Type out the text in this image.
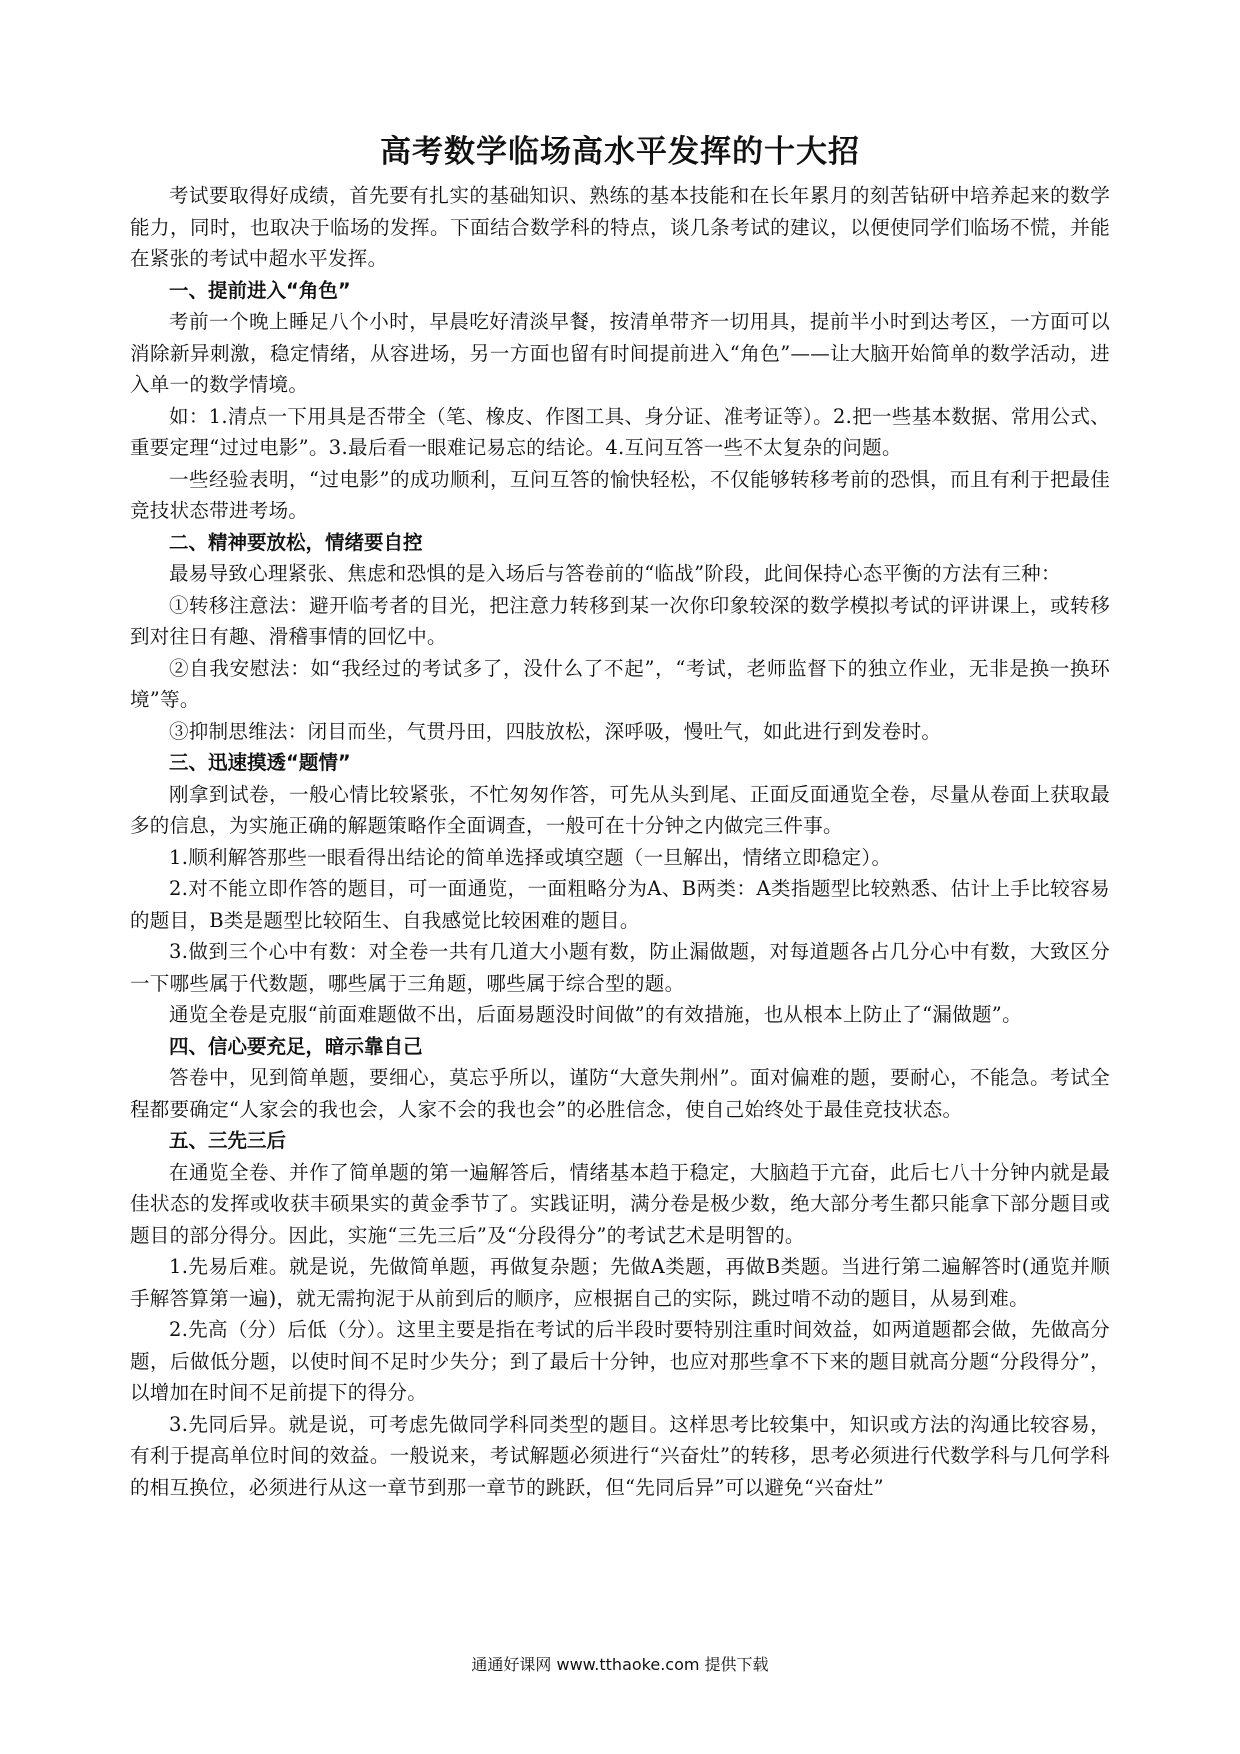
高考数学临场高水平发挥的十大招

考试要取得好成绩，首先要有扎实的基础知识、熟练的基本技能和在长年累月的刻苦钻研中培养起来的数学能力，同时，也取决于临场的发挥。下面结合数学科的特点，谈几条考试的建议，以便使同学们临场不慌，并能在紧张的考试中超水平发挥。

一、提前进入“角色”

考前一个晚上睡足八个小时，早晨吃好清淡早餐，按清单带齐一切用具，提前半小时到达考区，一方面可以消除新异刺激，稳定情绪，从容进场，另一方面也留有时间提前进入“角色”——让大脑开始简单的数学活动，进入单一的数学情境。

如：1.清点一下用具是否带全（笔、橡皮、作图工具、身分证、准考证等）。2.把一些基本数据、常用公式、重要定理“过过电影”。3.最后看一眼难记易忘的结论。4.互问互答一些不太复杂的问题。

一些经验表明，“过电影”的成功顺利，互问互答的愉快轻松，不仅能够转移考前的恐惧，而且有利于把最佳竞技状态带进考场。

二、精神要放松，情绪要自控

最易导致心理紧张、焦虑和恐惧的是入场后与答卷前的“临战”阶段，此间保持心态平衡的方法有三种：

①转移注意法：避开临考者的目光，把注意力转移到某一次你印象较深的数学模拟考试的评讲课上，或转移到对往日有趣、滑稽事情的回忆中。

②自我安慰法：如“我经过的考试多了，没什么了不起”，“考试，老师监督下的独立作业，无非是换一换环境”等。

③抑制思维法：闭目而坐，气贯丹田，四肢放松，深呼吸，慢吐气，如此进行到发卷时。

三、迅速摸透“题情”

刚拿到试卷，一般心情比较紧张，不忙匆匆作答，可先从头到尾、正面反面通览全卷，尽量从卷面上获取最多的信息，为实施正确的解题策略作全面调查，一般可在十分钟之内做完三件事。

1.顺利解答那些一眼看得出结论的简单选择或填空题（一旦解出，情绪立即稳定）。

2.对不能立即作答的题目，可一面通览，一面粗略分为A、B两类：A类指题型比较熟悉、估计上手比较容易的题目，B类是题型比较陌生、自我感觉比较困难的题目。

3.做到三个心中有数：对全卷一共有几道大小题有数，防止漏做题，对每道题各占几分心中有数，大致区分一下哪些属于代数题，哪些属于三角题，哪些属于综合型的题。

通览全卷是克服“前面难题做不出，后面易题没时间做”的有效措施，也从根本上防止了“漏做题”。

四、信心要充足，暗示靠自己

答卷中，见到简单题，要细心，莫忘乎所以，谨防“大意失荆州”。面对偏难的题，要耐心，不能急。考试全程都要确定“人家会的我也会，人家不会的我也会”的必胜信念，使自己始终处于最佳竞技状态。

五、三先三后

在通览全卷、并作了简单题的第一遍解答后，情绪基本趋于稳定，大脑趋于亢奋，此后七八十分钟内就是最佳状态的发挥或收获丰硕果实的黄金季节了。实践证明，满分卷是极少数，绝大部分考生都只能拿下部分题目或题目的部分得分。因此，实施“三先三后”及“分段得分”的考试艺术是明智的。

1.先易后难。就是说，先做简单题，再做复杂题；先做A类题，再做B类题。当进行第二遍解答时(通览并顺手解答算第一遍)，就无需拘泥于从前到后的顺序，应根据自己的实际，跳过啃不动的题目，从易到难。

2.先高（分）后低（分）。这里主要是指在考试的后半段时要特别注重时间效益，如两道题都会做，先做高分题，后做低分题，以使时间不足时少失分；到了最后十分钟，也应对那些拿不下来的题目就高分题“分段得分”，以增加在时间不足前提下的得分。

3.先同后异。就是说，可考虑先做同学科同类型的题目。这样思考比较集中，知识或方法的沟通比较容易，有利于提高单位时间的效益。一般说来，考试解题必须进行“兴奋灶”的转移，思考必须进行代数学科与几何学科的相互换位，必须进行从这一章节到那一章节的跳跃，但“先同后异”可以避免“兴奋灶”

通通好课网 www.tthaoke.com 提供下载
